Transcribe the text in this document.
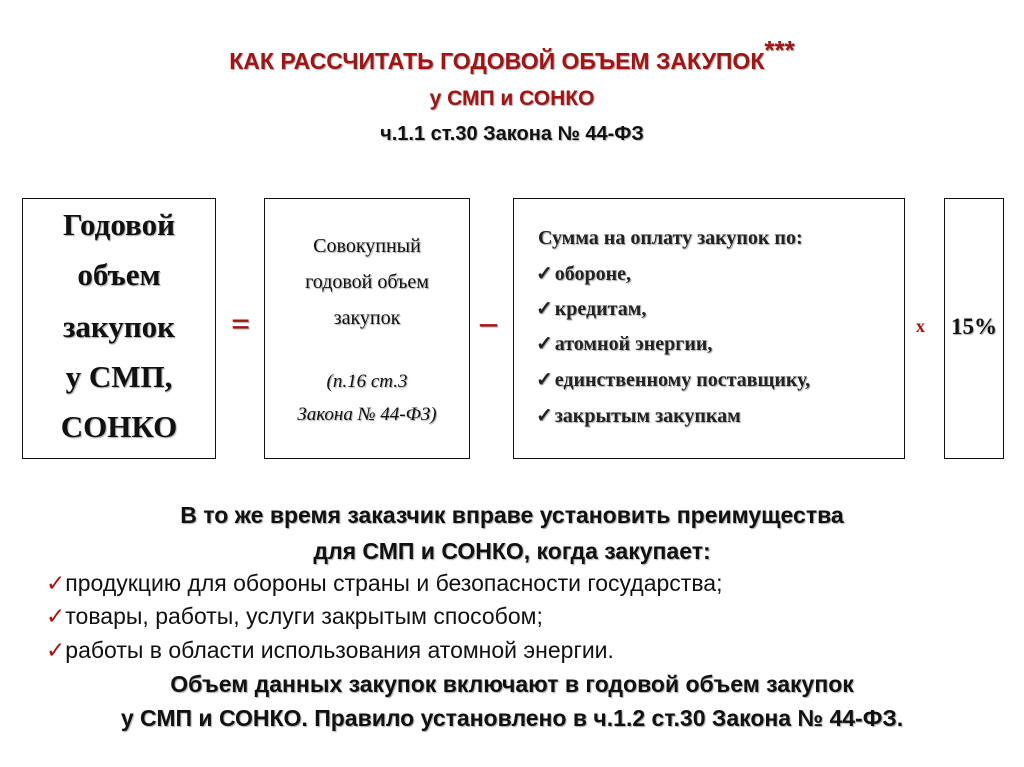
КАК РАССЧИТАТЬ ГОДОВОЙ ОБЪЕМ ЗАКУПОК***
у СМП и СОНКО
ч.1.1 ст.30 Закона № 44-ФЗ
Годовой
объем
закупок
у СМП,
СОНКО
=
Совокупный
годовой объем
закупок
(п.16 ст.3
Закона № 44-ФЗ)
–
Сумма на оплату закупок по:
✓ обороне,
✓ кредитам,
✓ атомной энергии,
✓ единственному поставщику,
✓ закрытым закупкам
х 15%
В то же время заказчик вправе установить преимущества
для СМП и СОНКО, когда закупает:
✓продукцию для обороны страны и безопасности государства;
✓товары, работы, услуги закрытым способом;
✓работы в области использования атомной энергии.
Объем данных закупок включают в годовой объем закупок
у СМП и СОНКО. Правило установлено в ч.1.2 ст.30 Закона № 44-ФЗ.
